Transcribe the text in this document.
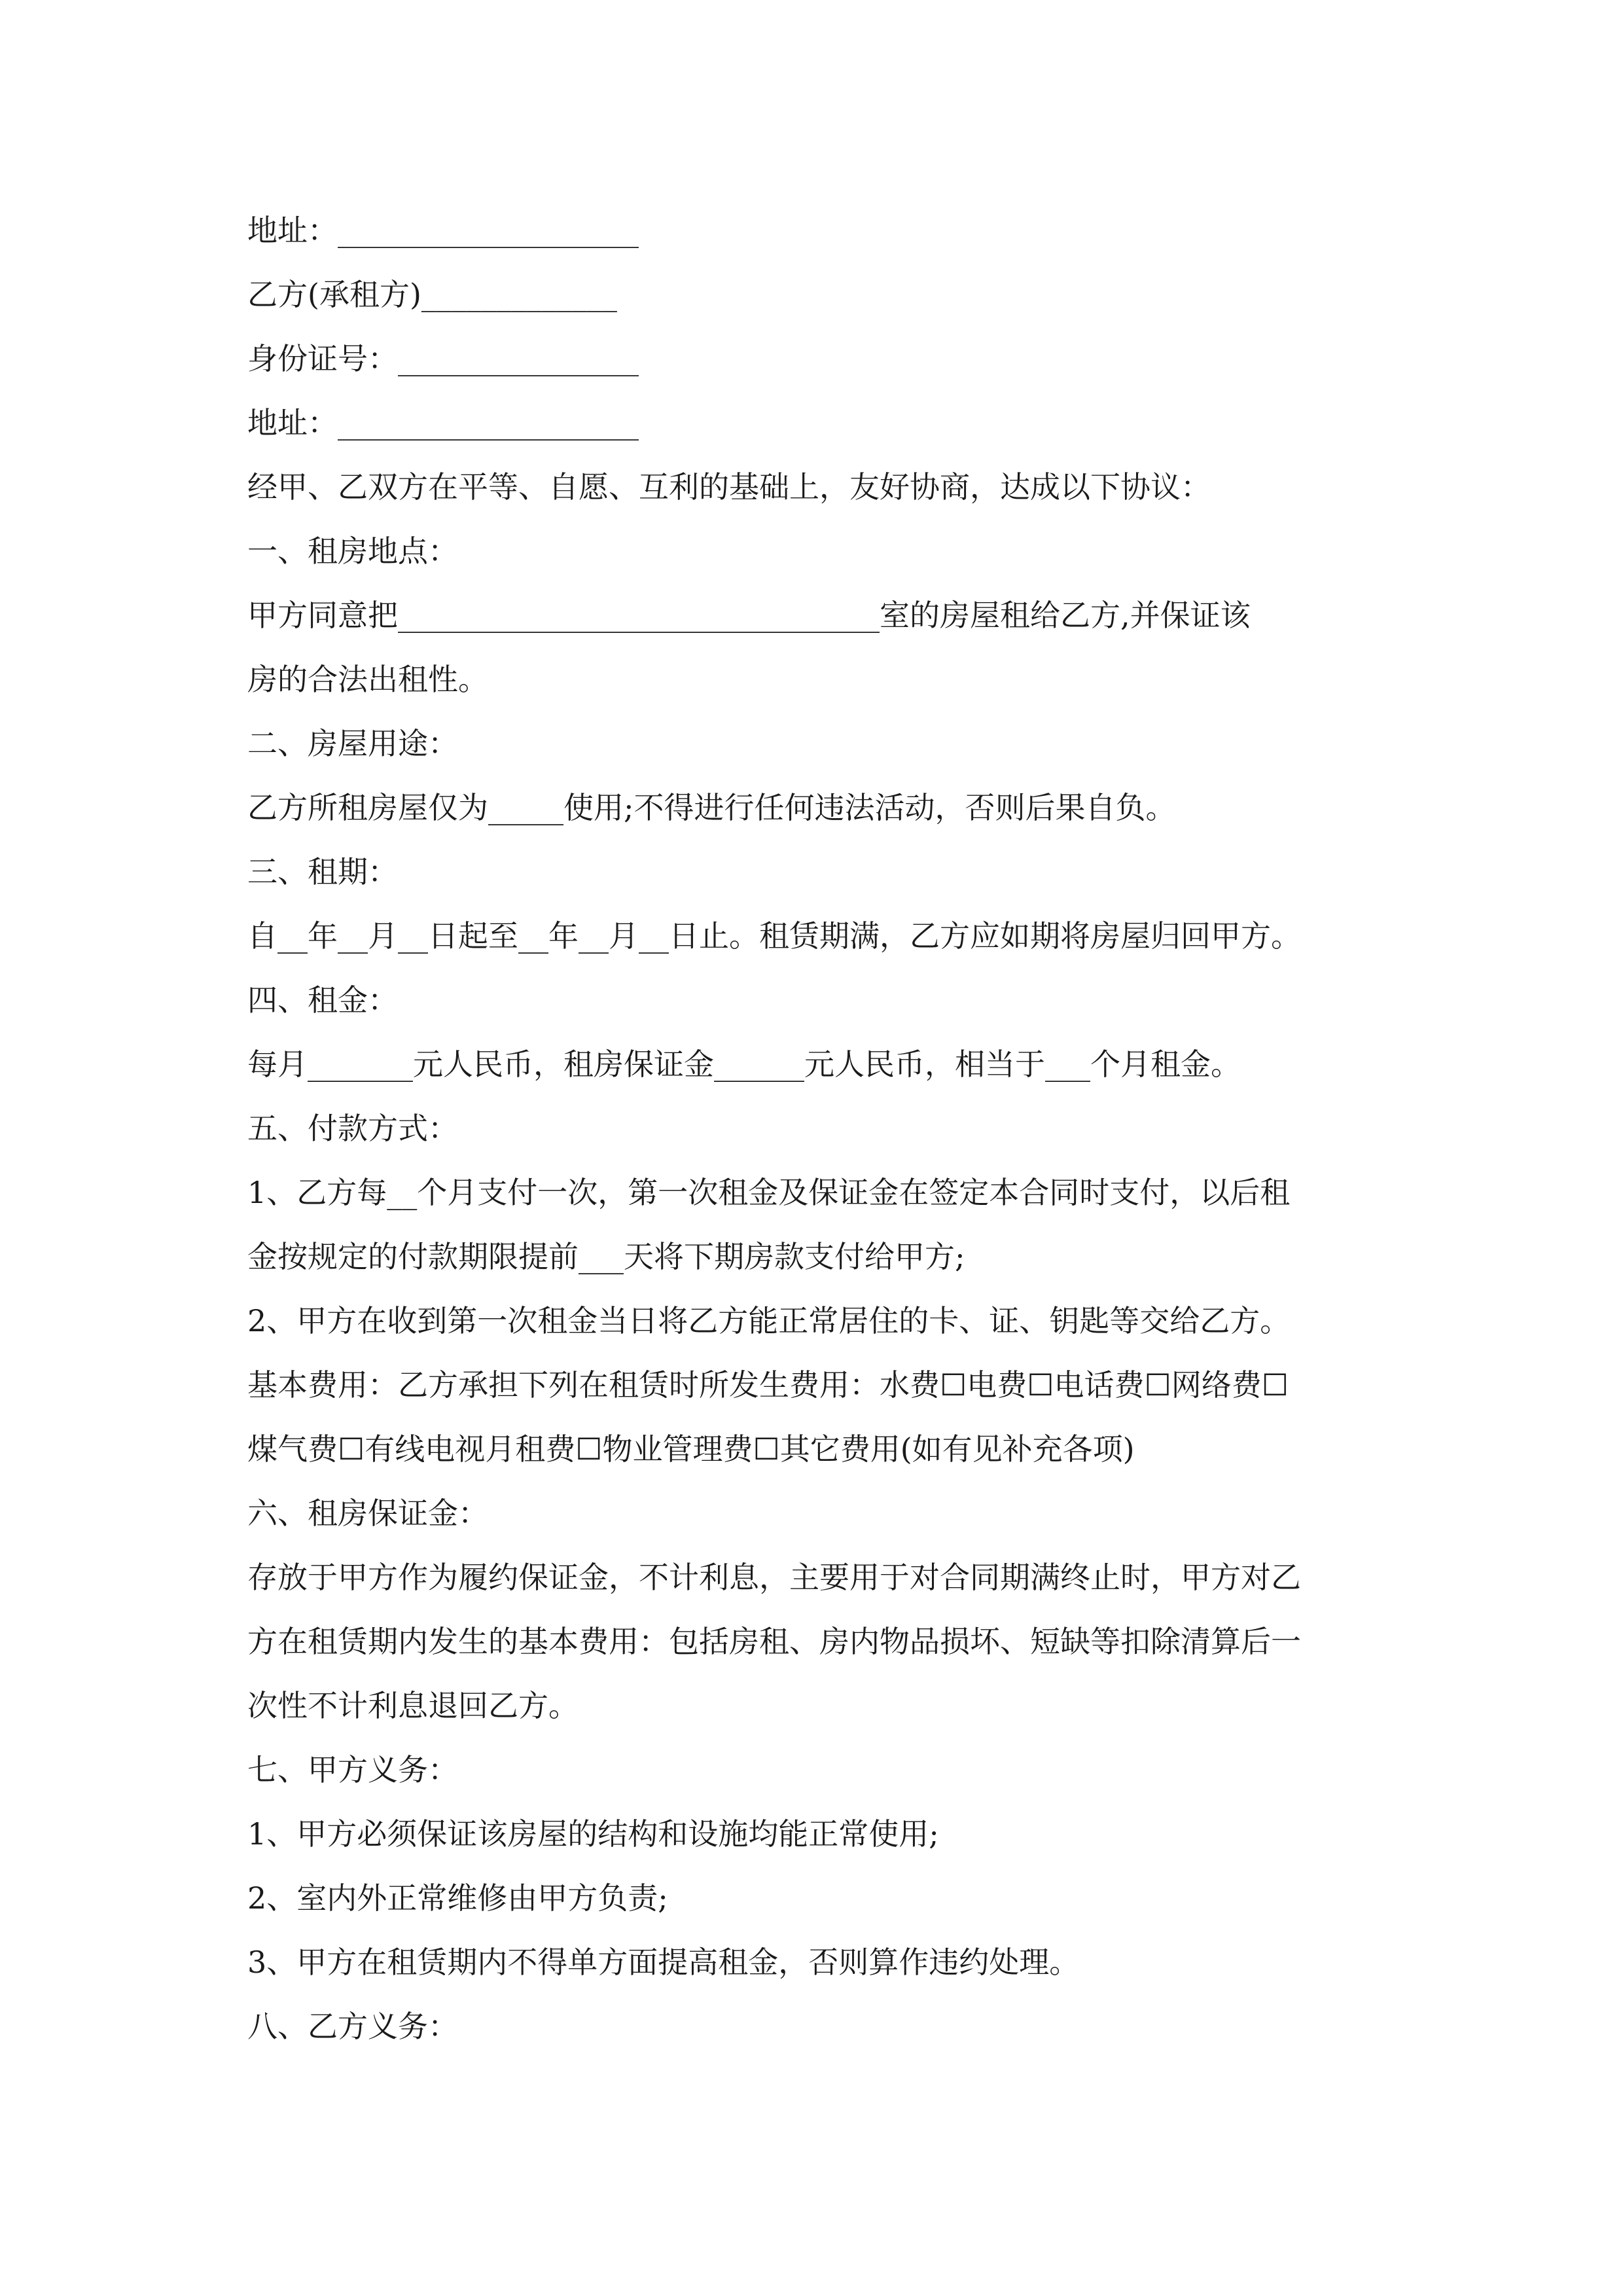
地址：____________________

乙方(承租方)_____________

身份证号：________________

地址：____________________

经甲、乙双方在平等、自愿、互利的基础上，友好协商，达成以下协议：

一、租房地点：

甲方同意把________________________________室的房屋租给乙方,并保证该

房的合法出租性。

二、房屋用途：

乙方所租房屋仅为_____使用;不得进行任何违法活动，否则后果自负。

三、租期：

自__年__月__日起至__年__月__日止。租赁期满，乙方应如期将房屋归回甲方。

四、租金：

每月_______元人民币，租房保证金______元人民币，相当于___个月租金。

五、付款方式：

1、乙方每__个月支付一次，第一次租金及保证金在签定本合同时支付，以后租

金按规定的付款期限提前___天将下期房款支付给甲方;

2、甲方在收到第一次租金当日将乙方能正常居住的卡、证、钥匙等交给乙方。

基本费用：乙方承担下列在租赁时所发生费用：水费☐电费☐电话费☐网络费☐

煤气费☐有线电视月租费☐物业管理费☐其它费用(如有见补充各项)

六、租房保证金：

存放于甲方作为履约保证金，不计利息，主要用于对合同期满终止时，甲方对乙

方在租赁期内发生的基本费用：包括房租、房内物品损坏、短缺等扣除清算后一

次性不计利息退回乙方。

七、甲方义务：

1、甲方必须保证该房屋的结构和设施均能正常使用;

2、室内外正常维修由甲方负责;

3、甲方在租赁期内不得单方面提高租金，否则算作违约处理。

八、乙方义务：
